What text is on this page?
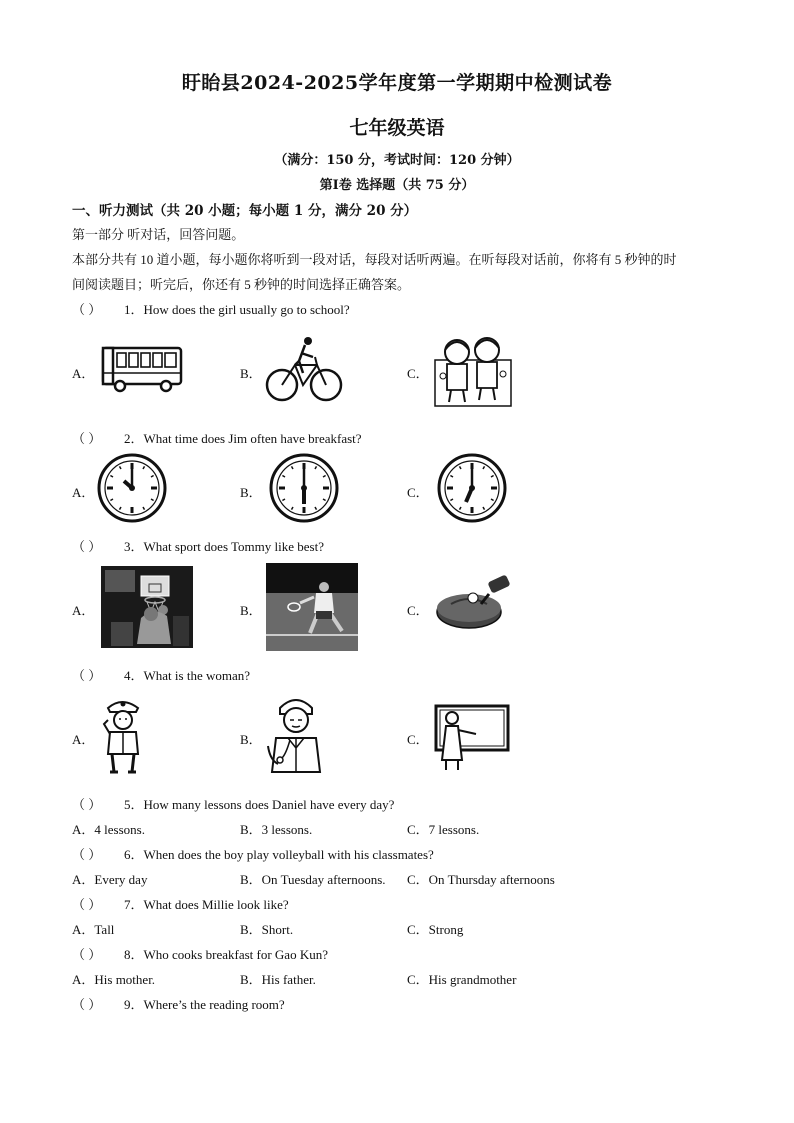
盱眙县2024-2025学年度第一学期期中检测试卷
七年级英语
（满分：150 分，考试时间：120 分钟）
第Ⅰ卷 选择题（共 75 分）
一、听力测试（共 20 小题；每小题 1 分，满分 20 分）
第一部分 听对话，回答问题。
本部分共有 10 道小题，每小题你将听到一段对话，每段对话听两遍。在听每段对话前，你将有 5 秒钟的时
间阅读题目；听完后，你还有 5 秒钟的时间选择正确答案。
（ ） 1．How does the girl usually go to school?
A．	B．	C．
（ ） 2．What time does Jim often have breakfast?
A．	B．	C．
（ ） 3．What sport does Tommy like best?
A．	B．	C．
（ ） 4．What is the woman?
A．	B．	C．
（ ） 5．How many lessons does Daniel have every day?
A．4 lessons.	B．3 lessons.	C．7 lessons.
（ ） 6．When does the boy play volleyball with his classmates?
A．Every day	B．On Tuesday afternoons. C．On Thursday afternoons
（ ） 7．What does Millie look like?
A．Tall	B．Short.	C．Strong
（ ） 8．Who cooks breakfast for Gao Kun?
A．His mother.	B．His father.	C．His grandmother
（ ） 9．Where’s the reading room?
